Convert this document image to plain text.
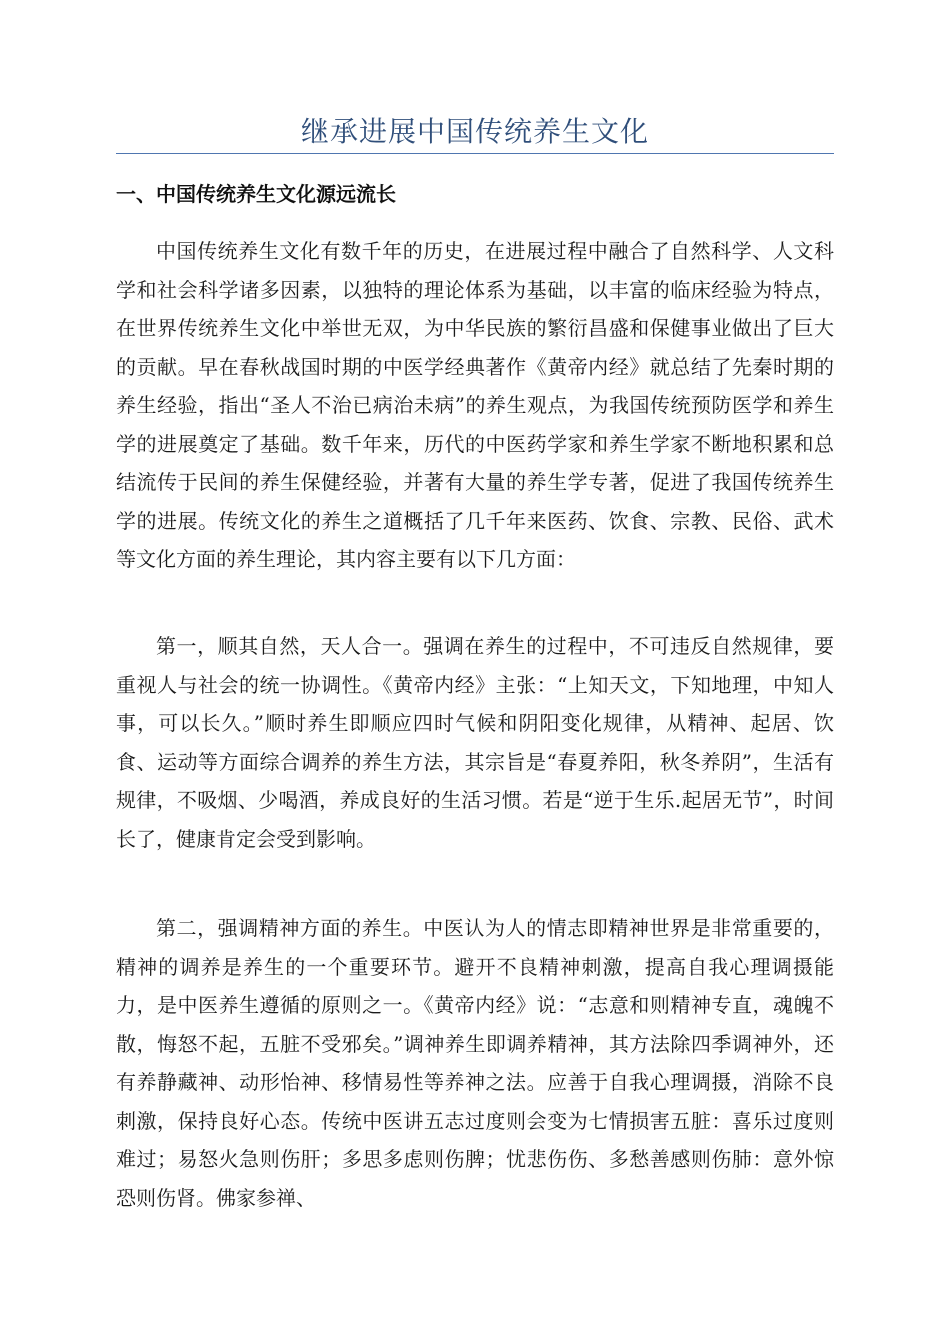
继承进展中国传统养生文化
一、中国传统养生文化源远流长

中国传统养生文化有数千年的历史，在进展过程中融合了自然科学、人文科学和社会科学诸多因素，以独特的理论体系为基础，以丰富的临床经验为特点，在世界传统养生文化中举世无双，为中华民族的繁衍昌盛和保健事业做出了巨大的贡献。早在春秋战国时期的中医学经典著作《黄帝内经》就总结了先秦时期的养生经验，指出“圣人不治已病治未病”的养生观点，为我国传统预防医学和养生学的进展奠定了基础。数千年来，历代的中医药学家和养生学家不断地积累和总结流传于民间的养生保健经验，并著有大量的养生学专著，促进了我国传统养生学的进展。传统文化的养生之道概括了几千年来医药、饮食、宗教、民俗、武术等文化方面的养生理论，其内容主要有以下几方面：

第一，顺其自然，天人合一。强调在养生的过程中，不可违反自然规律，要重视人与社会的统一协调性。《黄帝内经》主张：“上知天文，下知地理，中知人事，可以长久。”顺时养生即顺应四时气候和阴阳变化规律，从精神、起居、饮食、运动等方面综合调养的养生方法，其宗旨是“春夏养阳，秋冬养阴”，生活有规律，不吸烟、少喝酒，养成良好的生活习惯。若是“逆于生乐.起居无节”，时间长了，健康肯定会受到影响。

第二，强调精神方面的养生。中医认为人的情志即精神世界是非常重要的，精神的调养是养生的一个重要环节。避开不良精神刺激，提高自我心理调摄能力，是中医养生遵循的原则之一。《黄帝内经》说：“志意和则精神专直，魂魄不散，悔怒不起，五脏不受邪矣。”调神养生即调养精神，其方法除四季调神外，还有养静藏神、动形怡神、移情易性等养神之法。应善于自我心理调摄，消除不良刺激，保持良好心态。传统中医讲五志过度则会变为七情损害五脏：喜乐过度则难过；易怒火急则伤肝；多思多虑则伤脾；忧悲伤伤、多愁善感则伤肺：意外惊恐则伤肾。佛家参禅、
